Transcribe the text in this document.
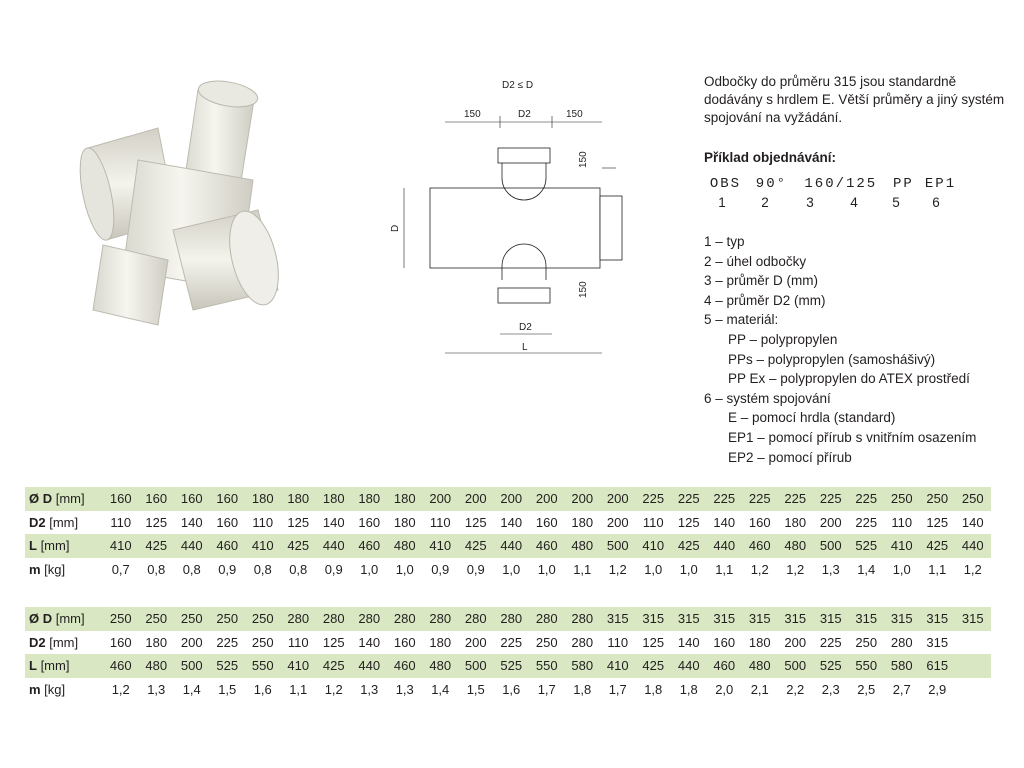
D2 ≤ D
150	D2	150
150
150
D
D2
L
Odbočky do průměru 315 jsou standardně dodávány s hrdlem E. Větší průměry a jiný systém spojování na vyžádání.
Příklad objednávání:
OBS	90°	160/125	PP EP1
1	2	3	4	5	6
1 – typ
2 – úhel odbočky
3 – průměr D (mm)
4 – průměr D2 (mm)
5 – materiál:
PP – polypropylen
PPs – polypropylen (samoshášivý)
PP Ex – polypropylen do ATEX prostředí
6 – systém spojování
E – pomocí hrdla (standard)
EP1 – pomocí přírub s vnitřním osazením
EP2 – pomocí přírub
Ø D [mm]	160	160	160	160	180	180	180	180	180	200	200	200	200	200	200	225	225	225	225	225	225	225	250	250	250
D2 [mm]	110	125	140	160	110	125	140	160	180	110	125	140	160	180	200	110	125	140	160	180	200	225	110	125	140
L [mm]	410	425	440	460	410	425	440	460	480	410	425	440	460	480	500	410	425	440	460	480	500	525	410	425	440
m [kg]	0,7	0,8	0,8	0,9	0,8	0,8	0,9	1,0	1,0	0,9	0,9	1,0	1,0	1,1	1,2	1,0	1,0	1,1	1,2	1,2	1,3	1,4	1,0	1,1	1,2
Ø D [mm]	250	250	250	250	250	280	280	280	280	280	280	280	280	280	315	315	315	315	315	315	315	315	315	315	315
D2 [mm]	160	180	200	225	250	110	125	140	160	180	200	225	250	280	110	125	140	160	180	200	225	250	280	315	
L [mm]	460	480	500	525	550	410	425	440	460	480	500	525	550	580	410	425	440	460	480	500	525	550	580	615	
m [kg]	1,2	1,3	1,4	1,5	1,6	1,1	1,2	1,3	1,3	1,4	1,5	1,6	1,7	1,8	1,7	1,8	1,8	2,0	2,1	2,2	2,3	2,5	2,7	2,9	
